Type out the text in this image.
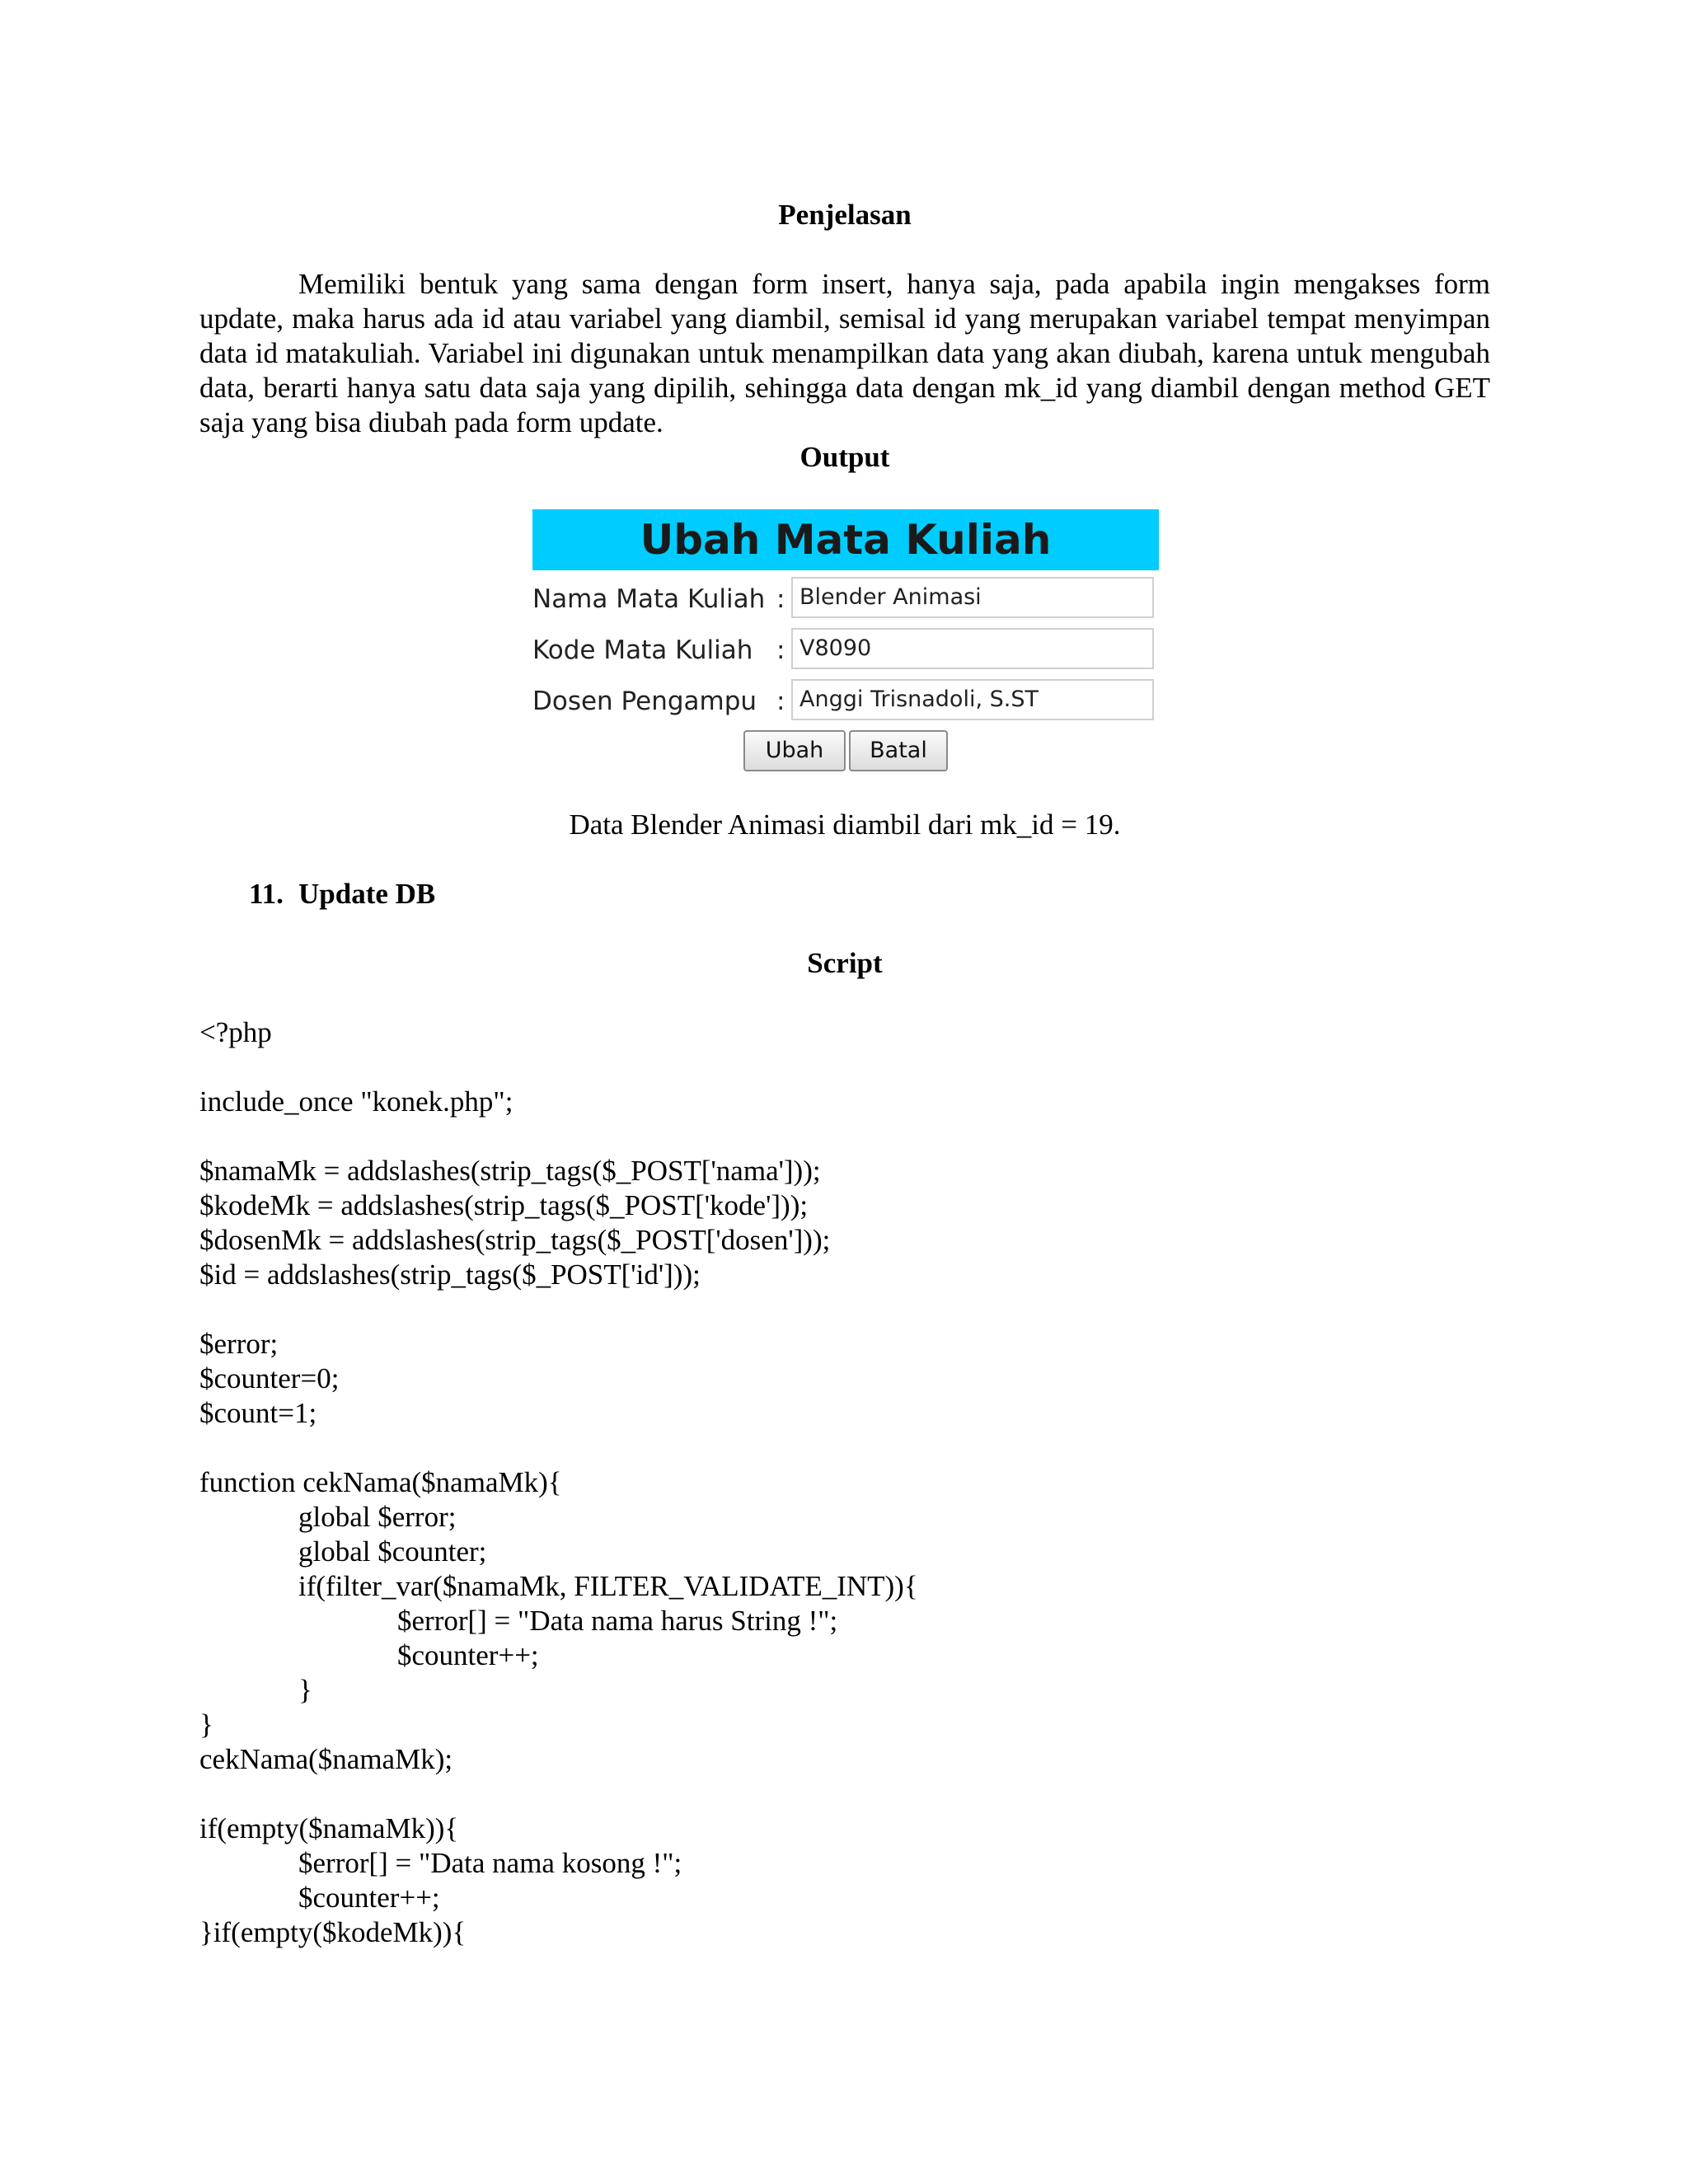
Penjelasan

Memiliki bentuk yang sama dengan form insert, hanya saja, pada apabila ingin mengakses form update, maka harus ada id atau variabel yang diambil, semisal id yang merupakan variabel tempat menyimpan data id matakuliah. Variabel ini digunakan untuk menampilkan data yang akan diubah, karena untuk mengubah data, berarti hanya satu data saja yang dipilih, sehingga data dengan mk_id yang diambil dengan method GET saja yang bisa diubah pada form update.

Output

Ubah Mata Kuliah
Nama Mata Kuliah : Blender Animasi
Kode Mata Kuliah : V8090
Dosen Pengampu : Anggi Trisnadoli, S.ST
Ubah	Batal

Data Blender Animasi diambil dari mk_id = 19.

11. Update DB

Script

<?php
include_once "konek.php";
$namaMk = addslashes(strip_tags($_POST['nama']));
$kodeMk = addslashes(strip_tags($_POST['kode']));
$dosenMk = addslashes(strip_tags($_POST['dosen']));
$id = addslashes(strip_tags($_POST['id']));
$error;
$counter=0;
$count=1;
function cekNama($namaMk){
global $error;
global $counter;
if(filter_var($namaMk, FILTER_VALIDATE_INT)){
$error[] = "Data nama harus String !";
$counter++;
}
}
cekNama($namaMk);
if(empty($namaMk)){
$error[] = "Data nama kosong !";
$counter++;
}if(empty($kodeMk)){
